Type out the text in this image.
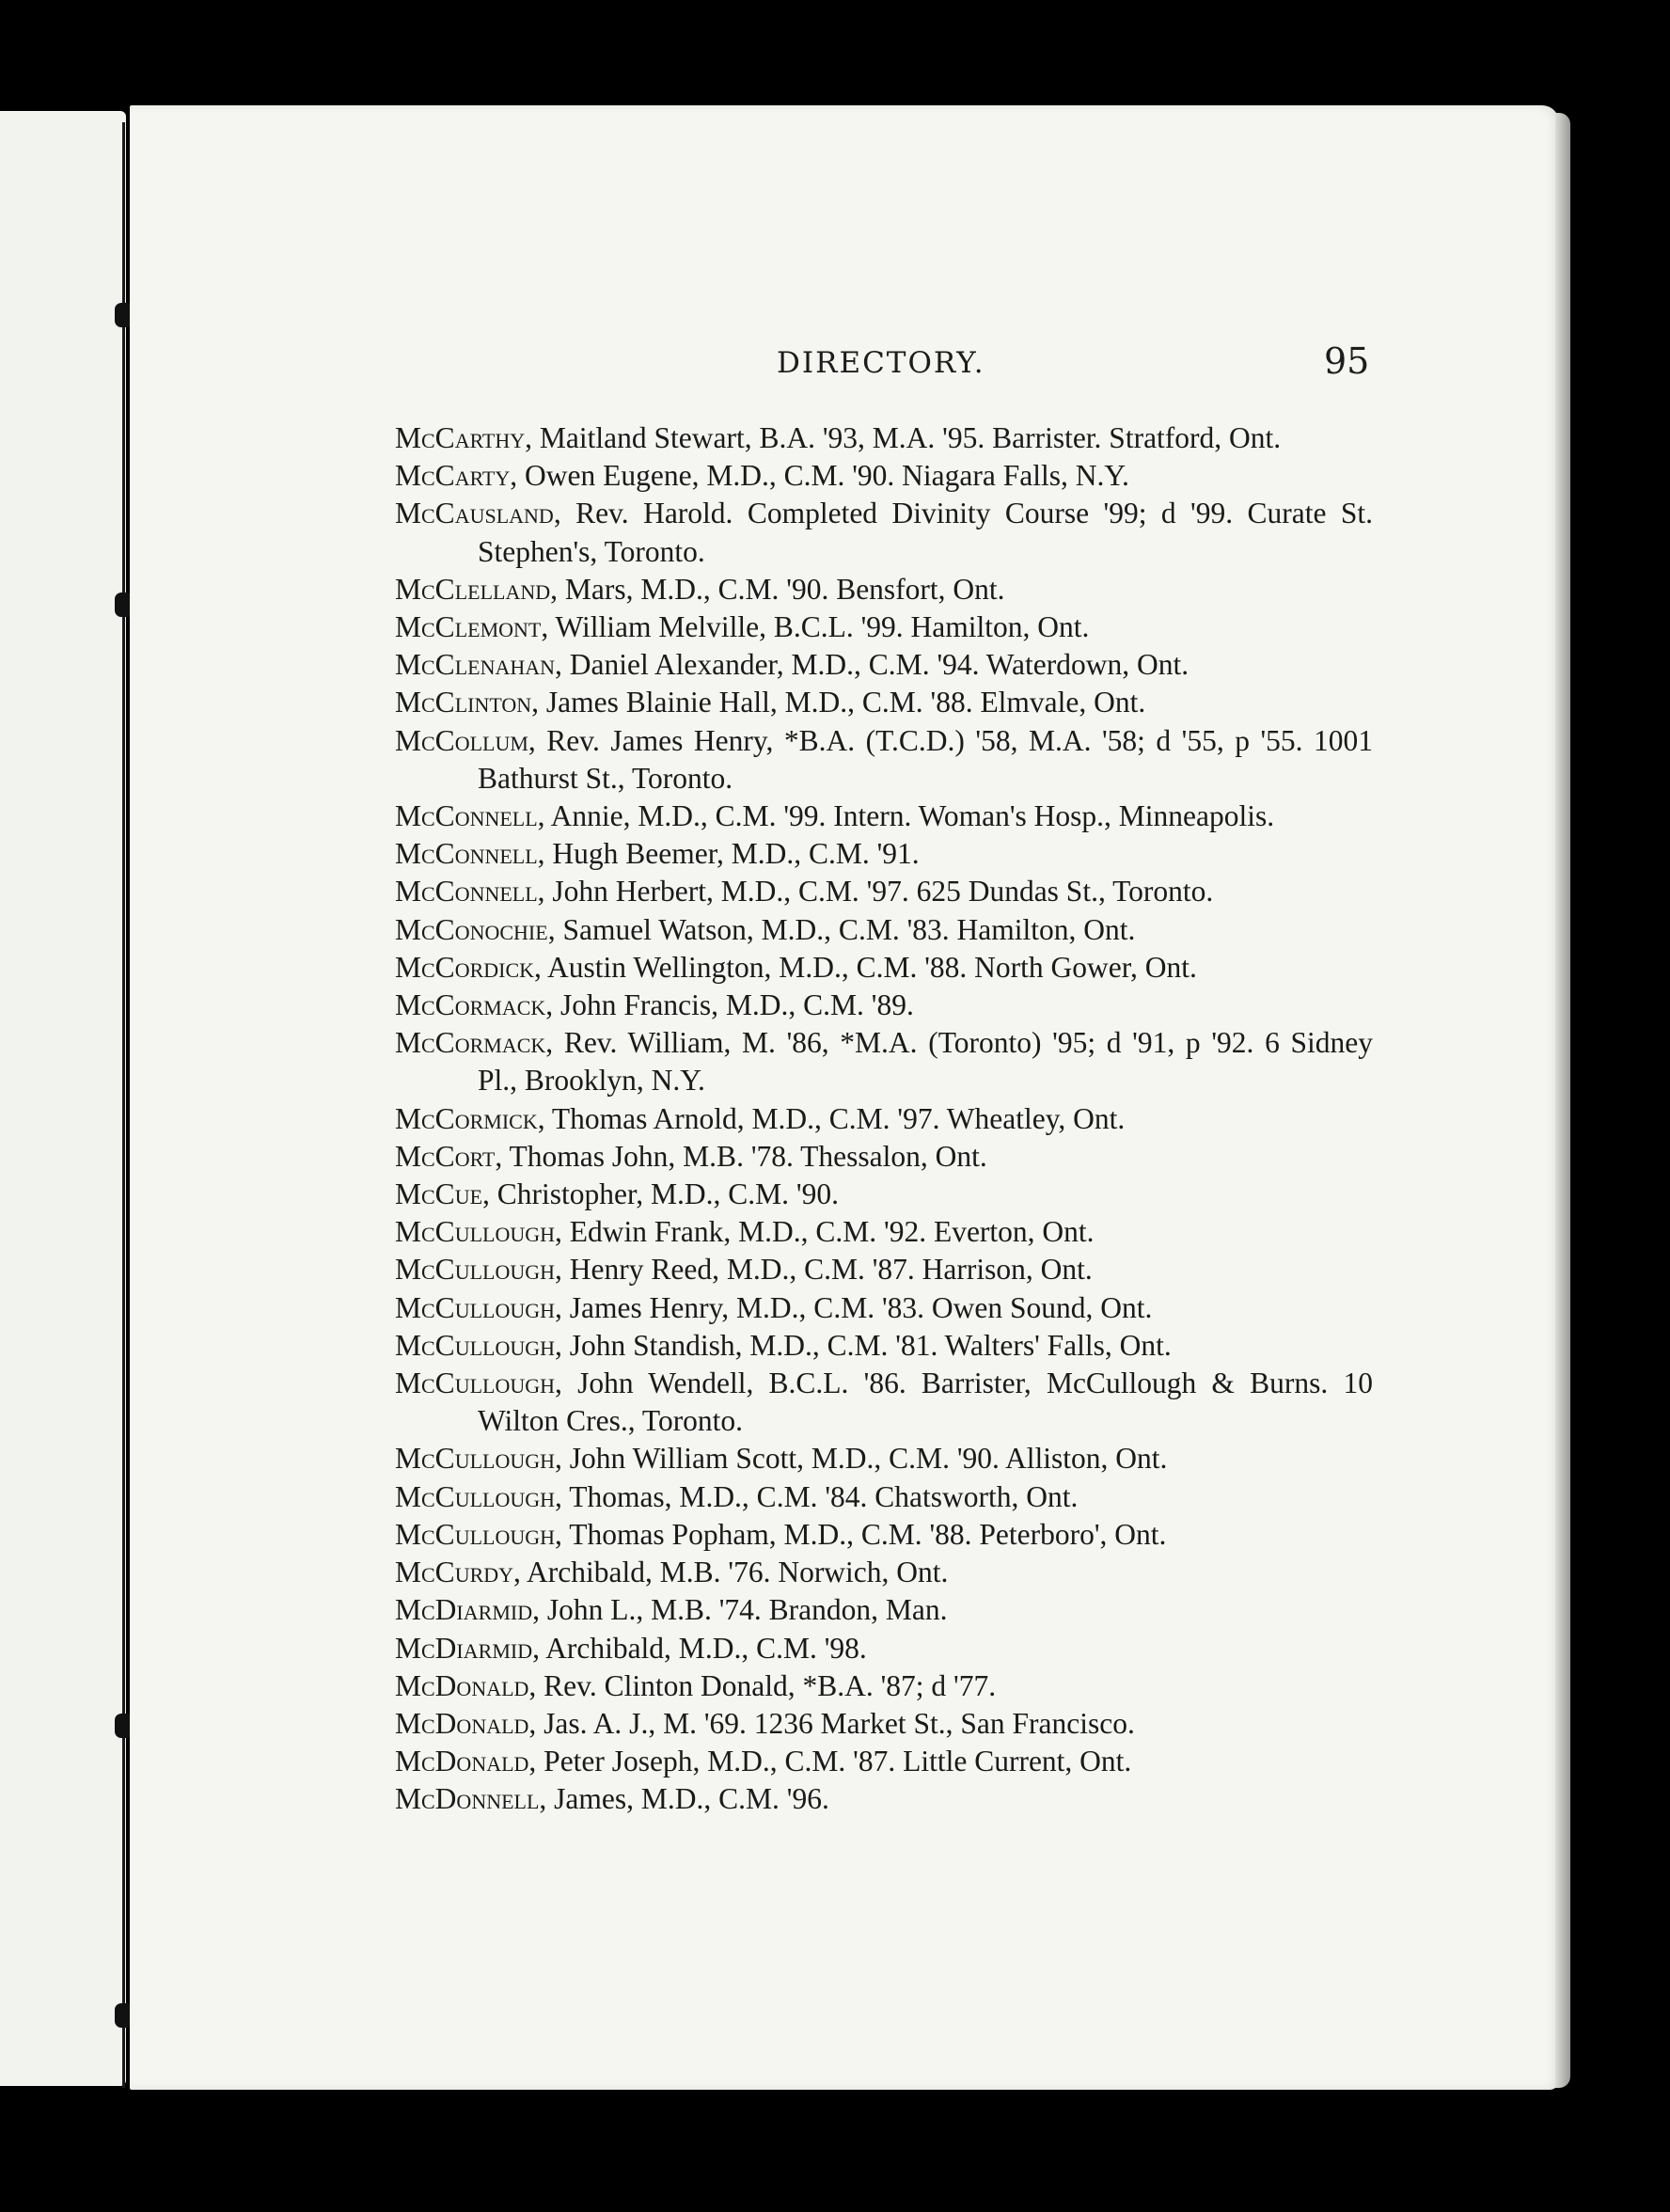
DIRECTORY.	95
McCarthy, Maitland Stewart, B.A. '93, M.A. '95. Barrister. Stratford, Ont.
McCarty, Owen Eugene, M.D., C.M. '90. Niagara Falls, N.Y.
McCausland, Rev. Harold. Completed Divinity Course '99; d '99. Curate St. Stephen's, Toronto.
McClelland, Mars, M.D., C.M. '90. Bensfort, Ont.
McClemont, William Melville, B.C.L. '99. Hamilton, Ont.
McClenahan, Daniel Alexander, M.D., C.M. '94. Waterdown, Ont.
McClinton, James Blainie Hall, M.D., C.M. '88. Elmvale, Ont.
McCollum, Rev. James Henry, *B.A. (T.C.D.) '58, M.A. '58; d '55, p '55. 1001 Bathurst St., Toronto.
McConnell, Annie, M.D., C.M. '99. Intern. Woman's Hosp., Minneapolis.
McConnell, Hugh Beemer, M.D., C.M. '91.
McConnell, John Herbert, M.D., C.M. '97. 625 Dundas St., Toronto.
McConochie, Samuel Watson, M.D., C.M. '83. Hamilton, Ont.
McCordick, Austin Wellington, M.D., C.M. '88. North Gower, Ont.
McCormack, John Francis, M.D., C.M. '89.
McCormack, Rev. William, M. '86, *M.A. (Toronto) '95; d '91, p '92. 6 Sidney Pl., Brooklyn, N.Y.
McCormick, Thomas Arnold, M.D., C.M. '97. Wheatley, Ont.
McCort, Thomas John, M.B. '78. Thessalon, Ont.
McCue, Christopher, M.D., C.M. '90.
McCullough, Edwin Frank, M.D., C.M. '92. Everton, Ont.
McCullough, Henry Reed, M.D., C.M. '87. Harrison, Ont.
McCullough, James Henry, M.D., C.M. '83. Owen Sound, Ont.
McCullough, John Standish, M.D., C.M. '81. Walters' Falls, Ont.
McCullough, John Wendell, B.C.L. '86. Barrister, McCullough & Burns. 10 Wilton Cres., Toronto.
McCullough, John William Scott, M.D., C.M. '90. Alliston, Ont.
McCullough, Thomas, M.D., C.M. '84. Chatsworth, Ont.
McCullough, Thomas Popham, M.D., C.M. '88. Peterboro', Ont.
McCurdy, Archibald, M.B. '76. Norwich, Ont.
McDiarmid, John L., M.B. '74. Brandon, Man.
McDiarmid, Archibald, M.D., C.M. '98.
McDonald, Rev. Clinton Donald, *B.A. '87; d '77.
McDonald, Jas. A. J., M. '69. 1236 Market St., San Francisco.
McDonald, Peter Joseph, M.D., C.M. '87. Little Current, Ont.
McDonnell, James, M.D., C.M. '96.
